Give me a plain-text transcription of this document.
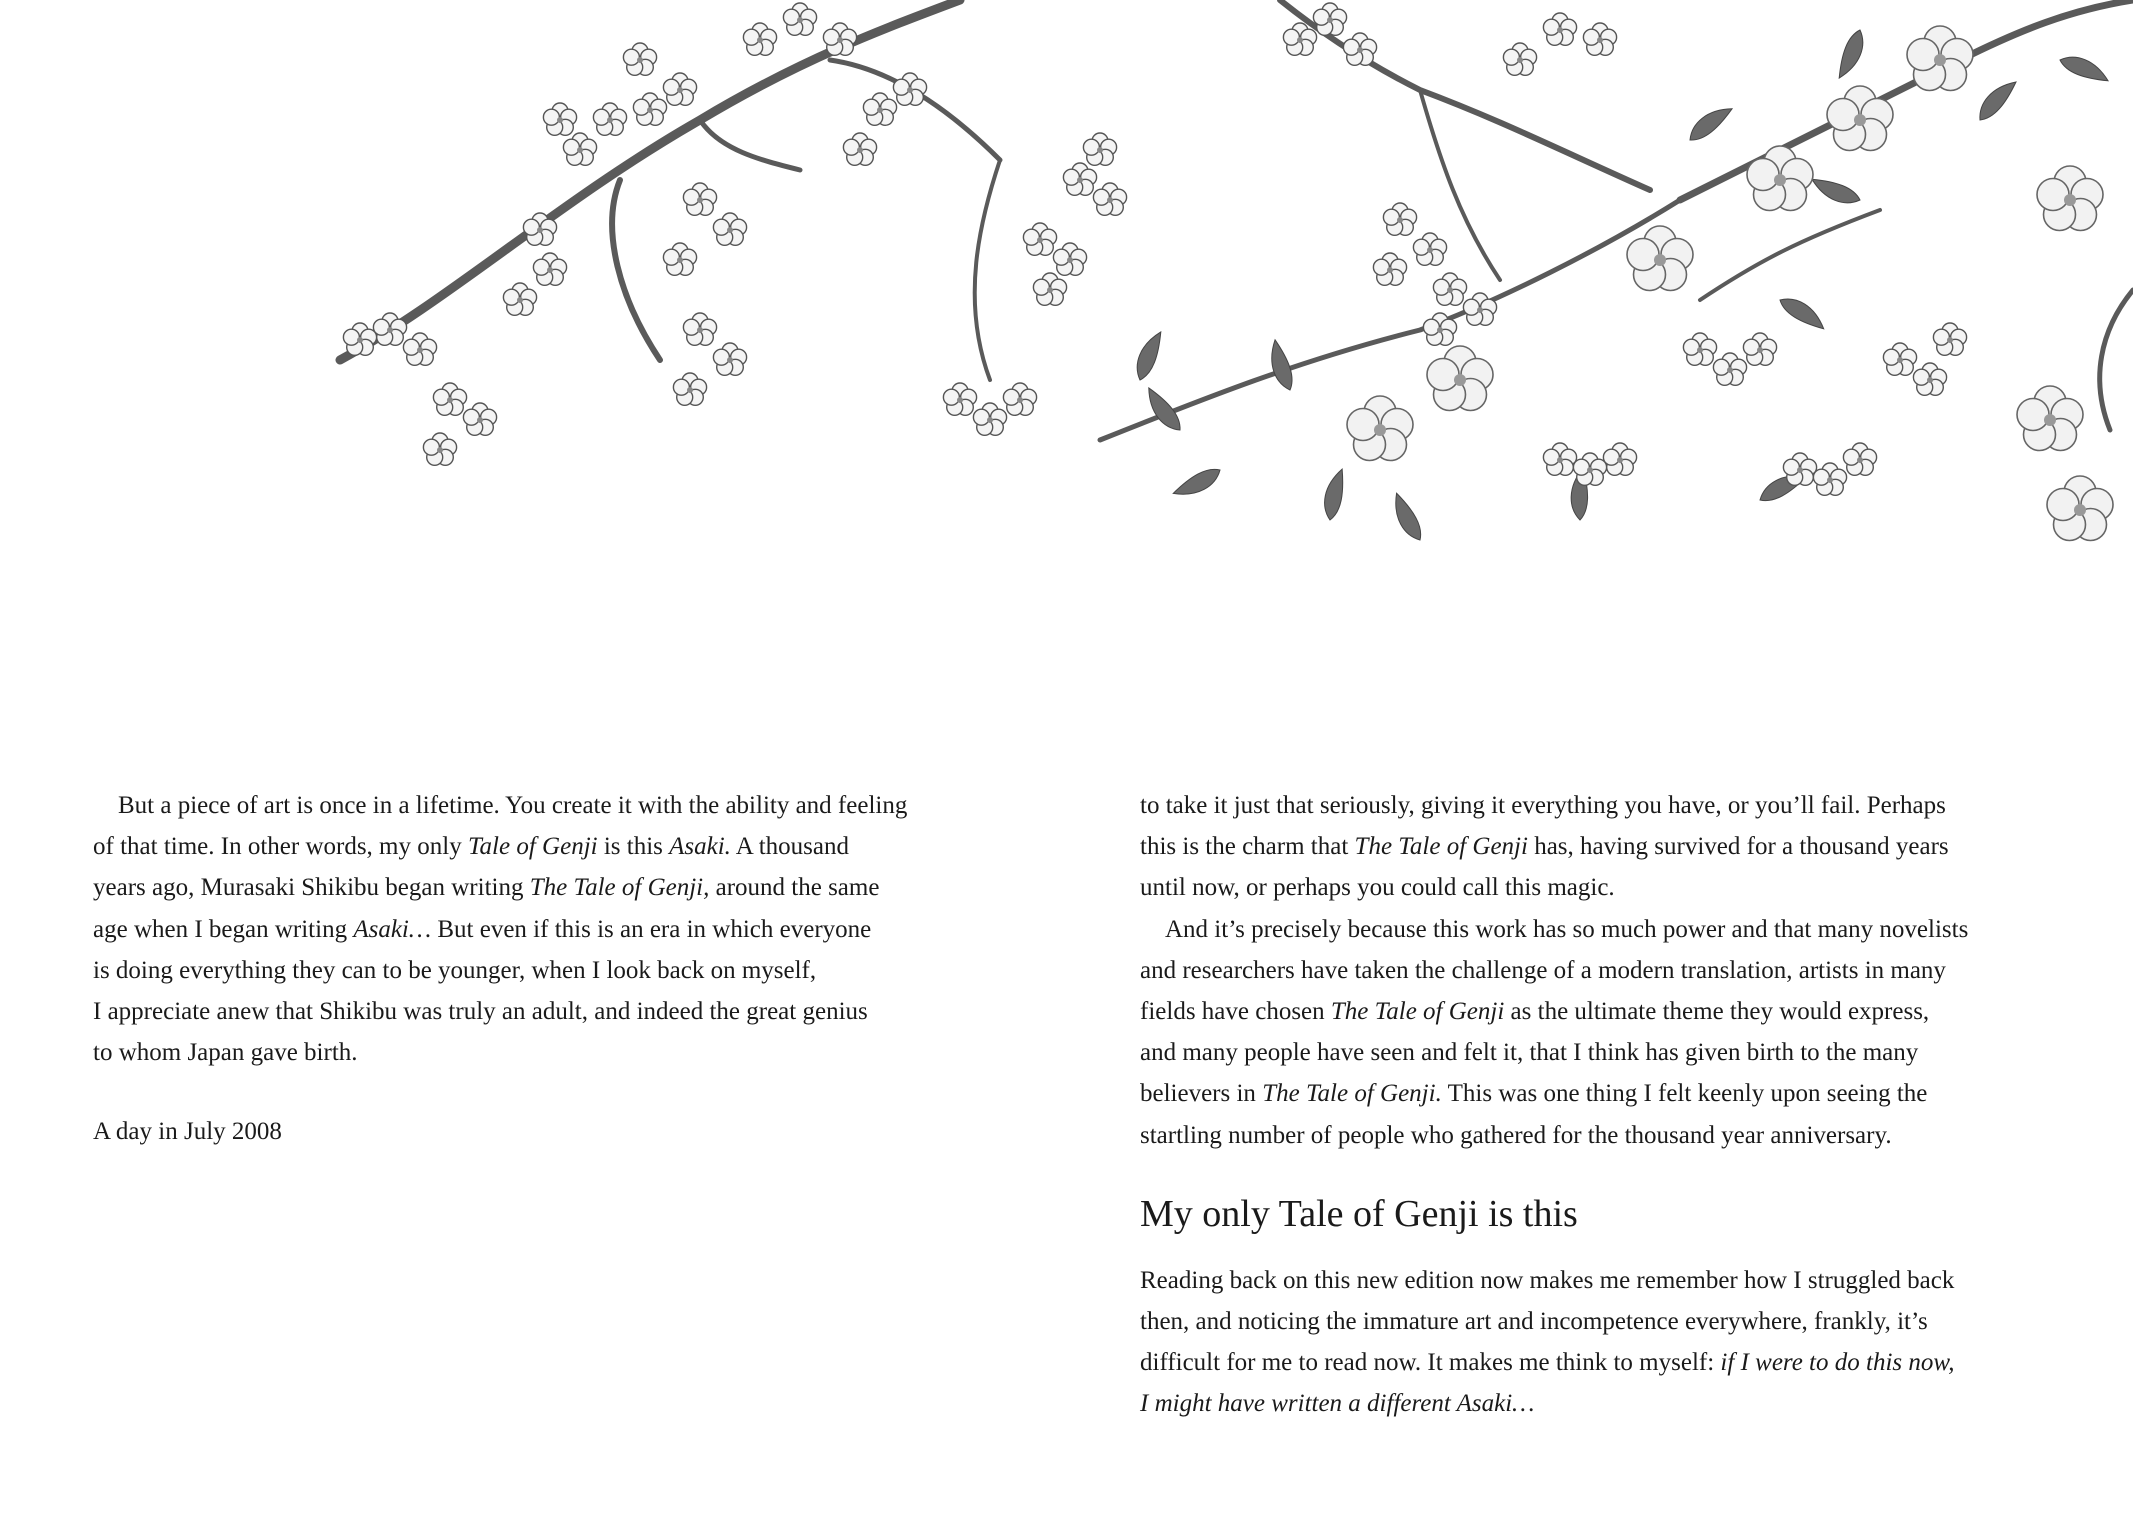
But a piece of art is once in a lifetime. You create it with the ability and feeling
of that time. In other words, my only Tale of Genji is this Asaki. A thousand
years ago, Murasaki Shikibu began writing The Tale of Genji, around the same
age when I began writing Asaki… But even if this is an era in which everyone
is doing everything they can to be younger, when I look back on myself,
I appreciate anew that Shikibu was truly an adult, and indeed the great genius
to whom Japan gave birth.
A day in July 2008
to take it just that seriously, giving it everything you have, or you’ll fail. Perhaps
this is the charm that The Tale of Genji has, having survived for a thousand years
until now, or perhaps you could call this magic.
And it’s precisely because this work has so much power and that many novelists
and researchers have taken the challenge of a modern translation, artists in many
fields have chosen The Tale of Genji as the ultimate theme they would express,
and many people have seen and felt it, that I think has given birth to the many
believers in The Tale of Genji. This was one thing I felt keenly upon seeing the
startling number of people who gathered for the thousand year anniversary.
My only Tale of Genji is this
Reading back on this new edition now makes me remember how I struggled back
then, and noticing the immature art and incompetence everywhere, frankly, it’s
difficult for me to read now. It makes me think to myself: if I were to do this now,
I might have written a different Asaki…
